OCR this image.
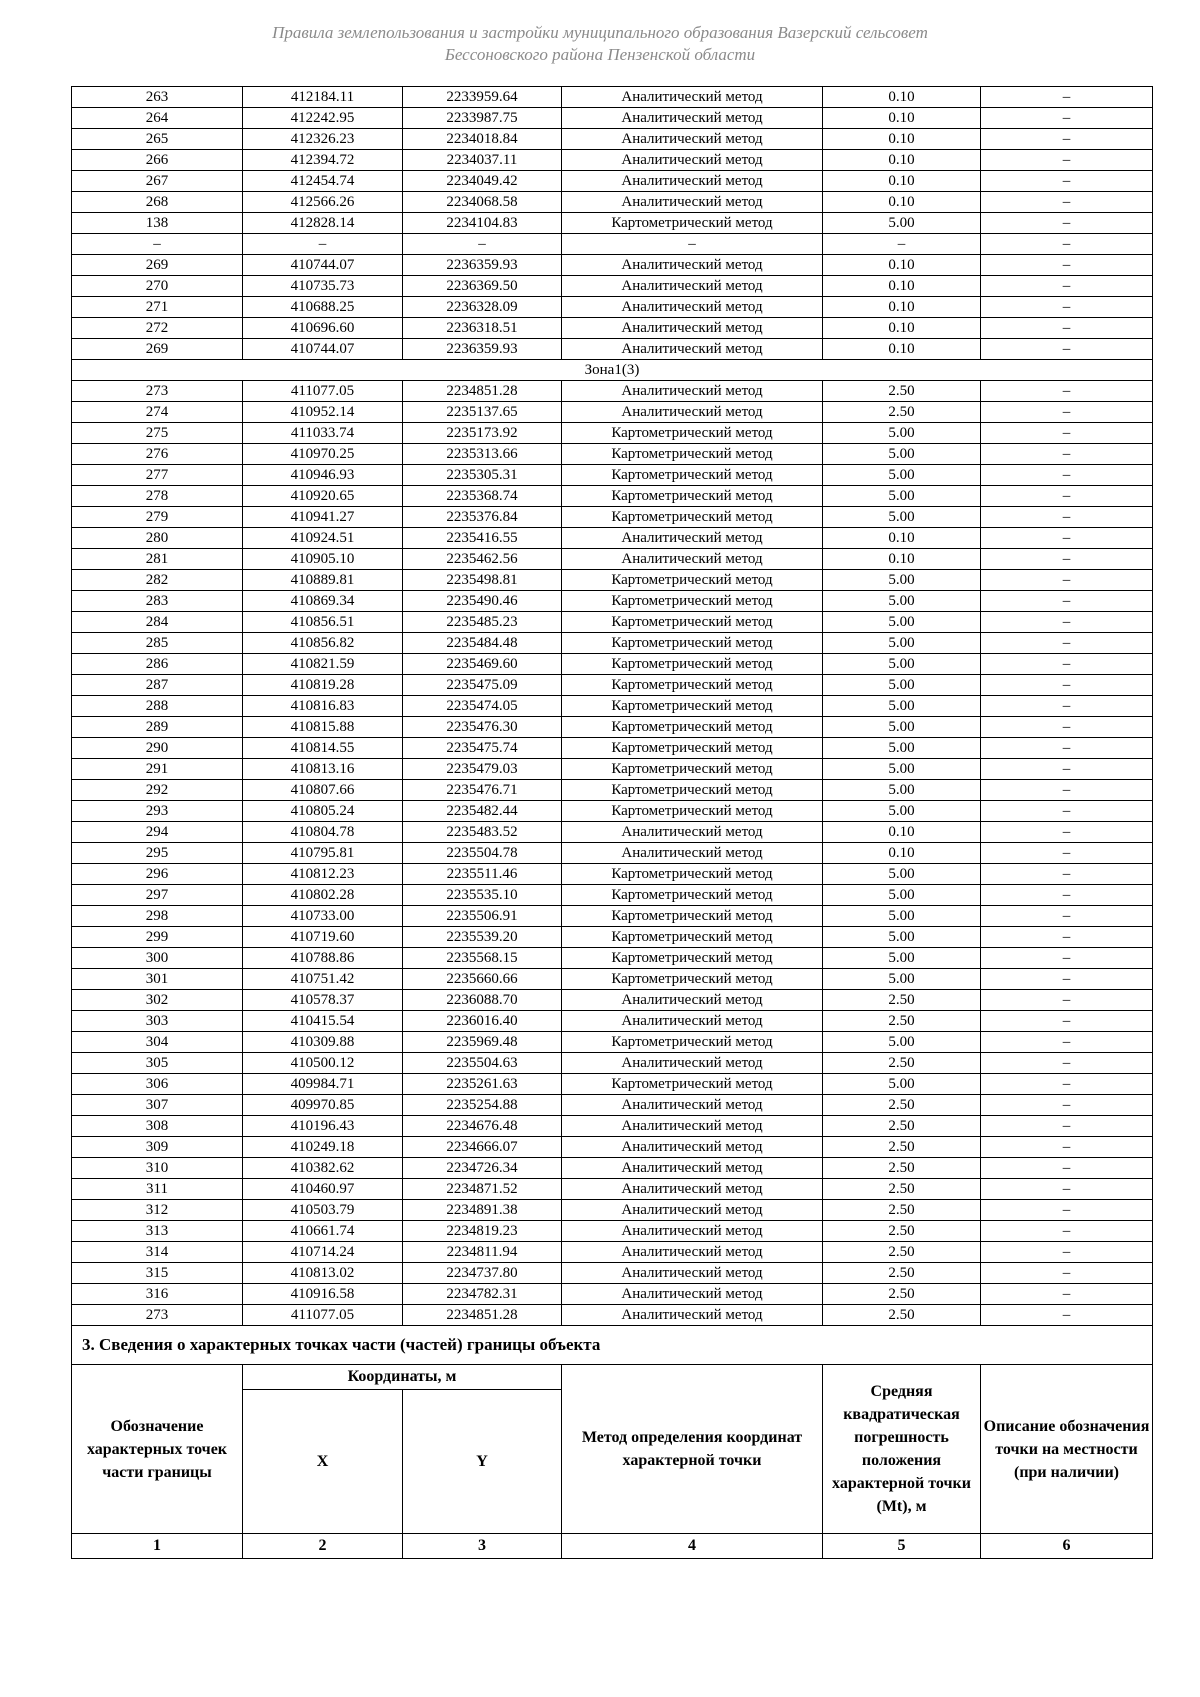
Правила землепользования и застройки муниципального образования Вазерский сельсовет
Бессоновского района Пензенской области
263	412184.11	2233959.64	Аналитический метод	0.10	–
264	412242.95	2233987.75	Аналитический метод	0.10	–
265	412326.23	2234018.84	Аналитический метод	0.10	–
266	412394.72	2234037.11	Аналитический метод	0.10	–
267	412454.74	2234049.42	Аналитический метод	0.10	–
268	412566.26	2234068.58	Аналитический метод	0.10	–
138	412828.14	2234104.83	Картометрический метод	5.00	–
–	–	–	–	–	–
269	410744.07	2236359.93	Аналитический метод	0.10	–
270	410735.73	2236369.50	Аналитический метод	0.10	–
271	410688.25	2236328.09	Аналитический метод	0.10	–
272	410696.60	2236318.51	Аналитический метод	0.10	–
269	410744.07	2236359.93	Аналитический метод	0.10	–
Зона1(3)					
273	411077.05	2234851.28	Аналитический метод	2.50	–
274	410952.14	2235137.65	Аналитический метод	2.50	–
275	411033.74	2235173.92	Картометрический метод	5.00	–
276	410970.25	2235313.66	Картометрический метод	5.00	–
277	410946.93	2235305.31	Картометрический метод	5.00	–
278	410920.65	2235368.74	Картометрический метод	5.00	–
279	410941.27	2235376.84	Картометрический метод	5.00	–
280	410924.51	2235416.55	Аналитический метод	0.10	–
281	410905.10	2235462.56	Аналитический метод	0.10	–
282	410889.81	2235498.81	Картометрический метод	5.00	–
283	410869.34	2235490.46	Картометрический метод	5.00	–
284	410856.51	2235485.23	Картометрический метод	5.00	–
285	410856.82	2235484.48	Картометрический метод	5.00	–
286	410821.59	2235469.60	Картометрический метод	5.00	–
287	410819.28	2235475.09	Картометрический метод	5.00	–
288	410816.83	2235474.05	Картометрический метод	5.00	–
289	410815.88	2235476.30	Картометрический метод	5.00	–
290	410814.55	2235475.74	Картометрический метод	5.00	–
291	410813.16	2235479.03	Картометрический метод	5.00	–
292	410807.66	2235476.71	Картометрический метод	5.00	–
293	410805.24	2235482.44	Картометрический метод	5.00	–
294	410804.78	2235483.52	Аналитический метод	0.10	–
295	410795.81	2235504.78	Аналитический метод	0.10	–
296	410812.23	2235511.46	Картометрический метод	5.00	–
297	410802.28	2235535.10	Картометрический метод	5.00	–
298	410733.00	2235506.91	Картометрический метод	5.00	–
299	410719.60	2235539.20	Картометрический метод	5.00	–
300	410788.86	2235568.15	Картометрический метод	5.00	–
301	410751.42	2235660.66	Картометрический метод	5.00	–
302	410578.37	2236088.70	Аналитический метод	2.50	–
303	410415.54	2236016.40	Аналитический метод	2.50	–
304	410309.88	2235969.48	Картометрический метод	5.00	–
305	410500.12	2235504.63	Аналитический метод	2.50	–
306	409984.71	2235261.63	Картометрический метод	5.00	–
307	409970.85	2235254.88	Аналитический метод	2.50	–
308	410196.43	2234676.48	Аналитический метод	2.50	–
309	410249.18	2234666.07	Аналитический метод	2.50	–
310	410382.62	2234726.34	Аналитический метод	2.50	–
311	410460.97	2234871.52	Аналитический метод	2.50	–
312	410503.79	2234891.38	Аналитический метод	2.50	–
313	410661.74	2234819.23	Аналитический метод	2.50	–
314	410714.24	2234811.94	Аналитический метод	2.50	–
315	410813.02	2234737.80	Аналитический метод	2.50	–
316	410916.58	2234782.31	Аналитический метод	2.50	–
273	411077.05	2234851.28	Аналитический метод	2.50	–
3. Сведения о характерных точках части (частей) границы объекта					
Обозначение характерных точек части границы	Координаты, м		Метод определения координат характерной точки	Средняя квадратическая погрешность положения характерной точки (Mt), м	Описание обозначения точки на местности (при наличии)
	X	Y			
1	2	3	4	5	6
